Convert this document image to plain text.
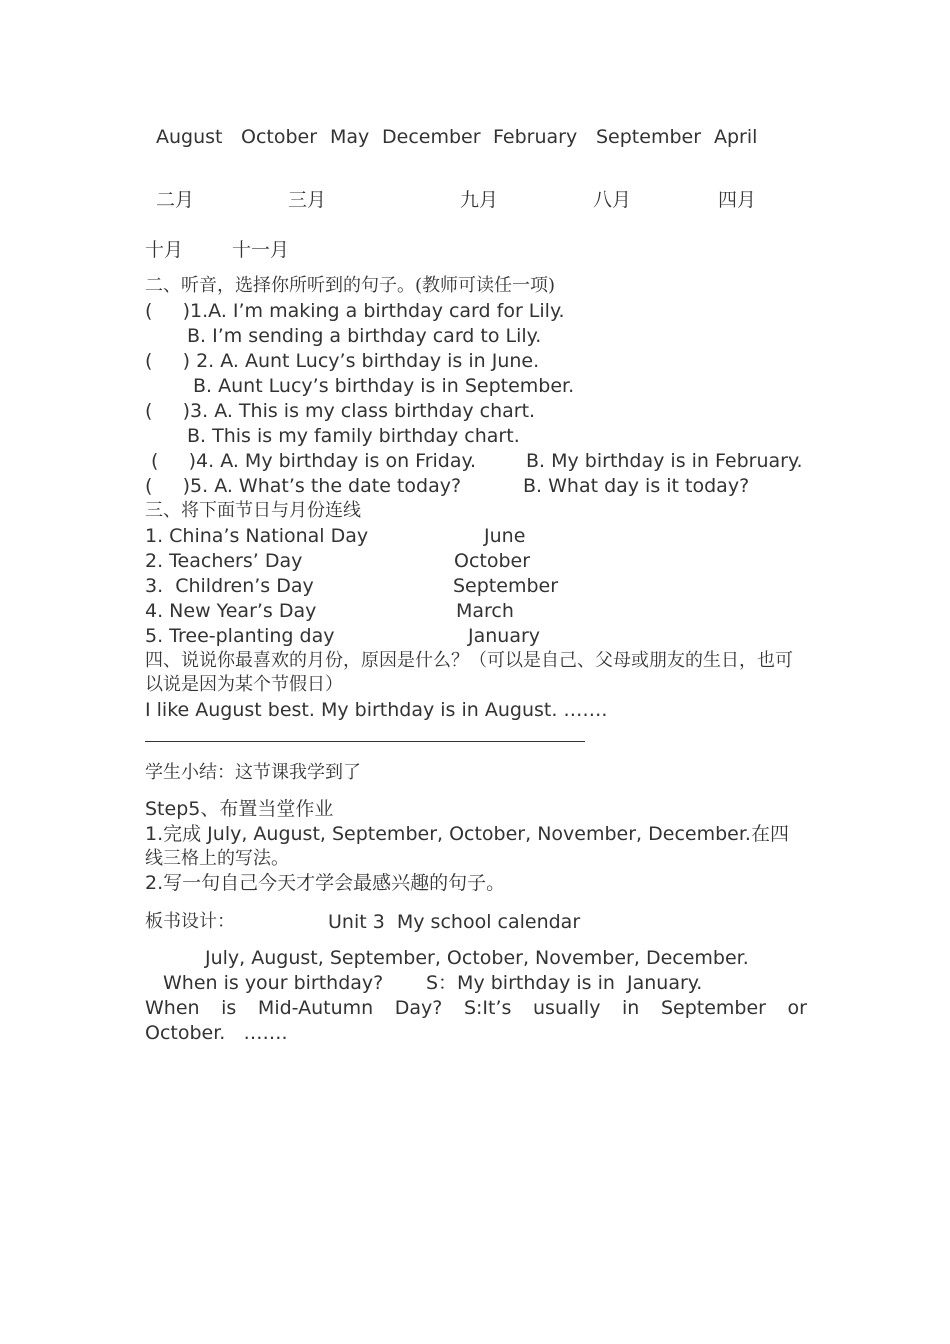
August October May December February September April
二月	三月	九月	八月	四月
十月	十一月
二、听音，选择你所听到的句子。(教师可读任一项)
(     )1.A. I’m making a birthday card for Lily.
B. I’m sending a birthday card to Lily.
(     ) 2. A. Aunt Lucy’s birthday is in June.
B. Aunt Lucy’s birthday is in September.
(     )3. A. This is my class birthday chart.
B. This is my family birthday chart.
(     )4. A. My birthday is on Friday.	B. My birthday is in February.
(     )5. A. What’s the date today?	B. What day is it today?
三、将下面节日与月份连线
1. China’s National Day	June
2. Teachers’ Day	October
3.  Children’s Day	September
4. New Year’s Day	March
5. Tree-planting day	January
四、说说你最喜欢的月份，原因是什么？（可以是自己、父母或朋友的生日，也可
以说是因为某个节假日）
I like August best. My birthday is in August. …….
学生小结：这节课我学到了
Step5、布置当堂作业
1.完成 July, August, September, October, November, December.在四
线三格上的写法。
2.写一句自己今天才学会最感兴趣的句子。
板书设计：	Unit 3  My school calendar
July, August, September, October, November, December.
When is your birthday? S：My birthday is in  January.
When is Mid-Autumn Day? S:It’s usually in September or
October.   …….
